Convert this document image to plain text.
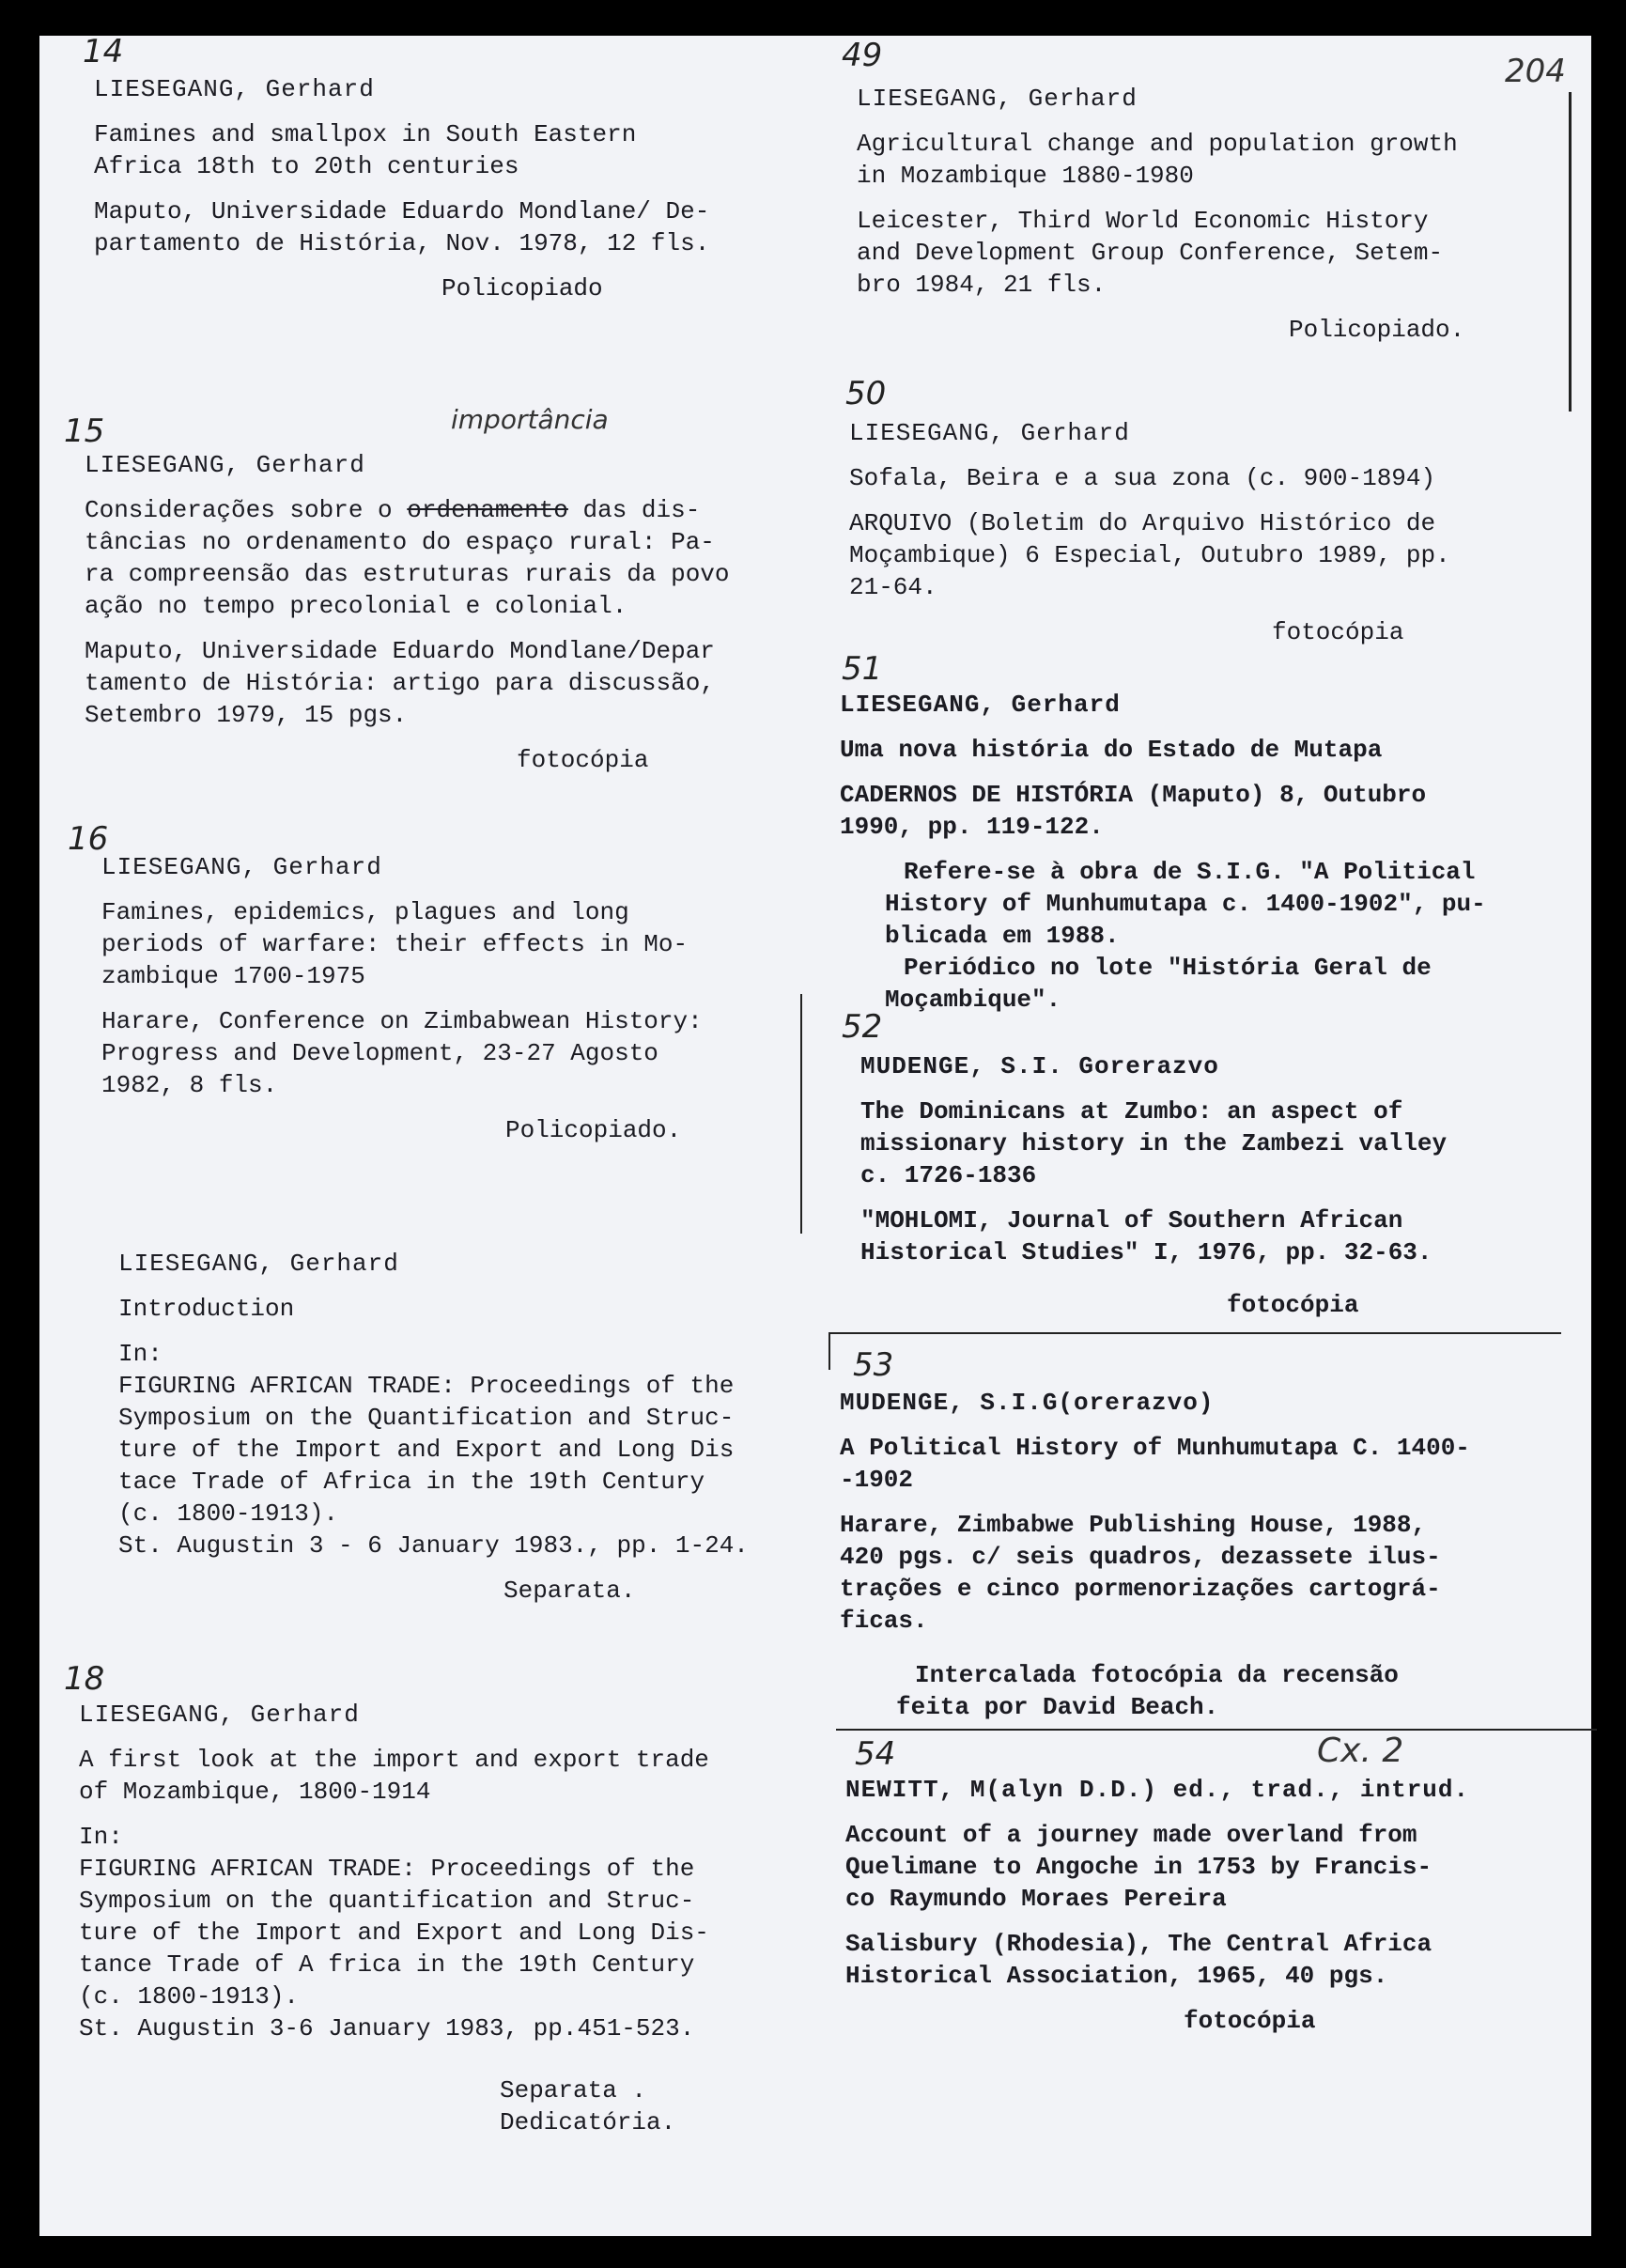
204
Cx. 2
14
LIESEGANG, Gerhard
Famines and smallpox in South Eastern
Africa 18th to 20th centuries
Maputo, Universidade Eduardo Mondlane/ De-
partamento de História, Nov. 1978, 12 fls.
Policopiado
15	importância
LIESEGANG, Gerhard
Considerações sobre o ordenamento das dis-
tâncias no ordenamento do espaço rural: Pa-
ra compreensão das estruturas rurais da povo
ação no tempo precolonial e colonial.
Maputo, Universidade Eduardo Mondlane/Depar
tamento de História: artigo para discussão,
Setembro 1979, 15 pgs.
fotocópia
16
LIESEGANG, Gerhard
Famines, epidemics, plagues and long
periods of warfare: their effects in Mo-
zambique 1700-1975
Harare, Conference on Zimbabwean History:
Progress and Development, 23-27 Agosto
1982, 8 fls.
Policopiado.
LIESEGANG, Gerhard
Introduction
In:
FIGURING AFRICAN TRADE: Proceedings of the
Symposium on the Quantification and Struc-
ture of the Import and Export and Long Dis
tace Trade of Africa in the 19th Century
(c. 1800-1913).
St. Augustin 3 - 6 January 1983., pp. 1-24.
Separata.
18
LIESEGANG, Gerhard
A first look at the import and export trade
of Mozambique, 1800-1914
In:
FIGURING AFRICAN TRADE: Proceedings of the
Symposium on the quantification and Struc-
ture of the Import and Export and Long Dis-
tance Trade of A frica in the 19th Century
(c. 1800-1913).
St. Augustin 3-6 January 1983, pp.451-523.
Separata .
Dedicatória.
49
LIESEGANG, Gerhard
Agricultural change and population growth
in Mozambique 1880-1980
Leicester, Third World Economic History
and Development Group Conference, Setem-
bro 1984, 21 fls.
Policopiado.
50
LIESEGANG, Gerhard
Sofala, Beira e a sua zona (c. 900-1894)
ARQUIVO (Boletim do Arquivo Histórico de
Moçambique) 6 Especial, Outubro 1989, pp.
21-64.
fotocópia
51
LIESEGANG, Gerhard
Uma nova história do Estado de Mutapa
CADERNOS DE HISTÓRIA (Maputo) 8, Outubro
1990, pp. 119-122.
Refere-se à obra de S.I.G. "A Political
History of Munhumutapa c. 1400-1902", pu-
blicada em 1988.
Periódico no lote "História Geral de
Moçambique".
52
MUDENGE, S.I. Gorerazvo
The Dominicans at Zumbo: an aspect of
missionary history in the Zambezi valley
c. 1726-1836
"MOHLOMI, Journal of Southern African
Historical Studies" I, 1976, pp. 32-63.
fotocópia
53
MUDENGE, S.I.G(orerazvo)
A Political History of Munhumutapa C. 1400-
-1902
Harare, Zimbabwe Publishing House, 1988,
420 pgs. c/ seis quadros, dezassete ilus-
trações e cinco pormenorizações cartográ-
ficas.
Intercalada fotocópia da recensão
feita por David Beach.
54
NEWITT, M(alyn D.D.) ed., trad., intrud.
Account of a journey made overland from
Quelimane to Angoche in 1753 by Francis-
co Raymundo Moraes Pereira
Salisbury (Rhodesia), The Central Africa
Historical Association, 1965, 40 pgs.
fotocópia
